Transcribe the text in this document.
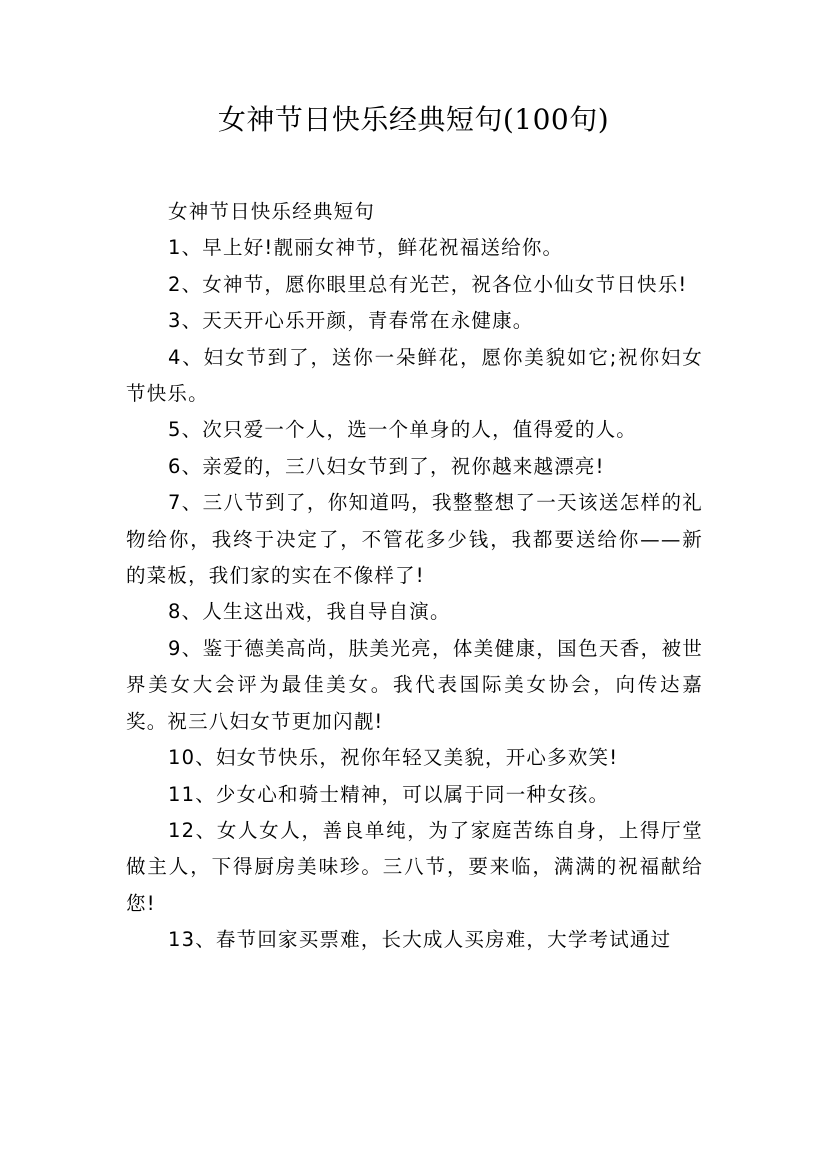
女神节日快乐经典短句(100句)

女神节日快乐经典短句

1、早上好!靓丽女神节，鲜花祝福送给你。

2、女神节，愿你眼里总有光芒，祝各位小仙女节日快乐!

3、天天开心乐开颜，青春常在永健康。

4、妇女节到了，送你一朵鲜花，愿你美貌如它;祝你妇女节快乐。

5、次只爱一个人，选一个单身的人，值得爱的人。

6、亲爱的，三八妇女节到了，祝你越来越漂亮!

7、三八节到了，你知道吗，我整整想了一天该送怎样的礼物给你，我终于决定了，不管花多少钱，我都要送给你——新的菜板，我们家的实在不像样了!

8、人生这出戏，我自导自演。

9、鉴于德美高尚，肤美光亮，体美健康，国色天香，被世界美女大会评为最佳美女。我代表国际美女协会，向传达嘉奖。祝三八妇女节更加闪靓!

10、妇女节快乐，祝你年轻又美貌，开心多欢笑!

11、少女心和骑士精神，可以属于同一种女孩。

12、女人女人，善良单纯，为了家庭苦练自身，上得厅堂做主人，下得厨房美味珍。三八节，要来临，满满的祝福献给您!

13、春节回家买票难，长大成人买房难，大学考试通过
